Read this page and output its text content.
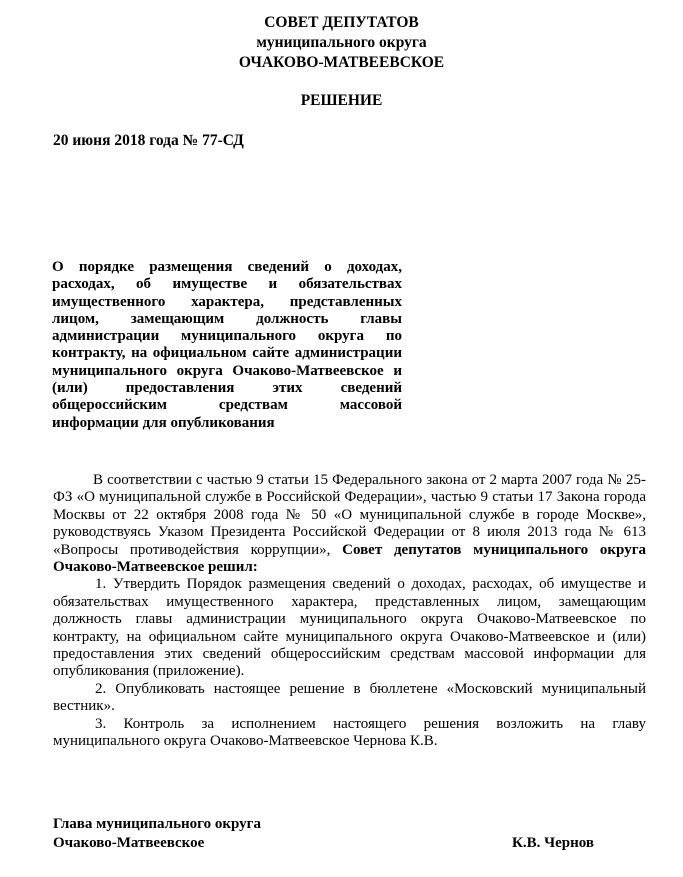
СОВЕТ ДЕПУТАТОВ
муниципального округа
ОЧАКОВО-МАТВЕЕВСКОЕ
РЕШЕНИЕ
20 июня 2018 года № 77-СД
О порядке размещения сведений о доходах, расходах, об имуществе и обязательствах имущественного характера, представленных лицом, замещающим должность главы администрации муниципального округа по контракту, на официальном сайте администрации муниципального округа Очаково-Матвеевское и (или) предоставления этих сведений общероссийским средствам массовой
информации для опубликования

В соответствии с частью 9 статьи 15 Федерального закона от 2 марта 2007 года № 25-ФЗ «О муниципальной службе в Российской Федерации», частью 9 статьи 17 Закона города Москвы от 22 октября 2008 года № 50 «О муниципальной службе в городе Москве», руководствуясь Указом Президента Российской Федерации от 8 июля 2013 года № 613 «Вопросы противодействия коррупции», Совет депутатов муниципального округа Очаково-Матвеевское решил:

1. Утвердить Порядок размещения сведений о доходах, расходах, об имуществе и обязательствах имущественного характера, представленных лицом, замещающим должность главы администрации муниципального округа Очаково-Матвеевское по контракту, на официальном сайте муниципального округа Очаково-Матвеевское и (или) предоставления этих сведений общероссийским средствам массовой информации для опубликования (приложение).

2. Опубликовать настоящее решение в бюллетене «Московский муниципальный вестник».

3. Контроль за исполнением настоящего решения возложить на главу муниципального округа Очаково-Матвеевское Чернова К.В.

Глава муниципального округа
Очаково-Матвеевское	К.В. Чернов
